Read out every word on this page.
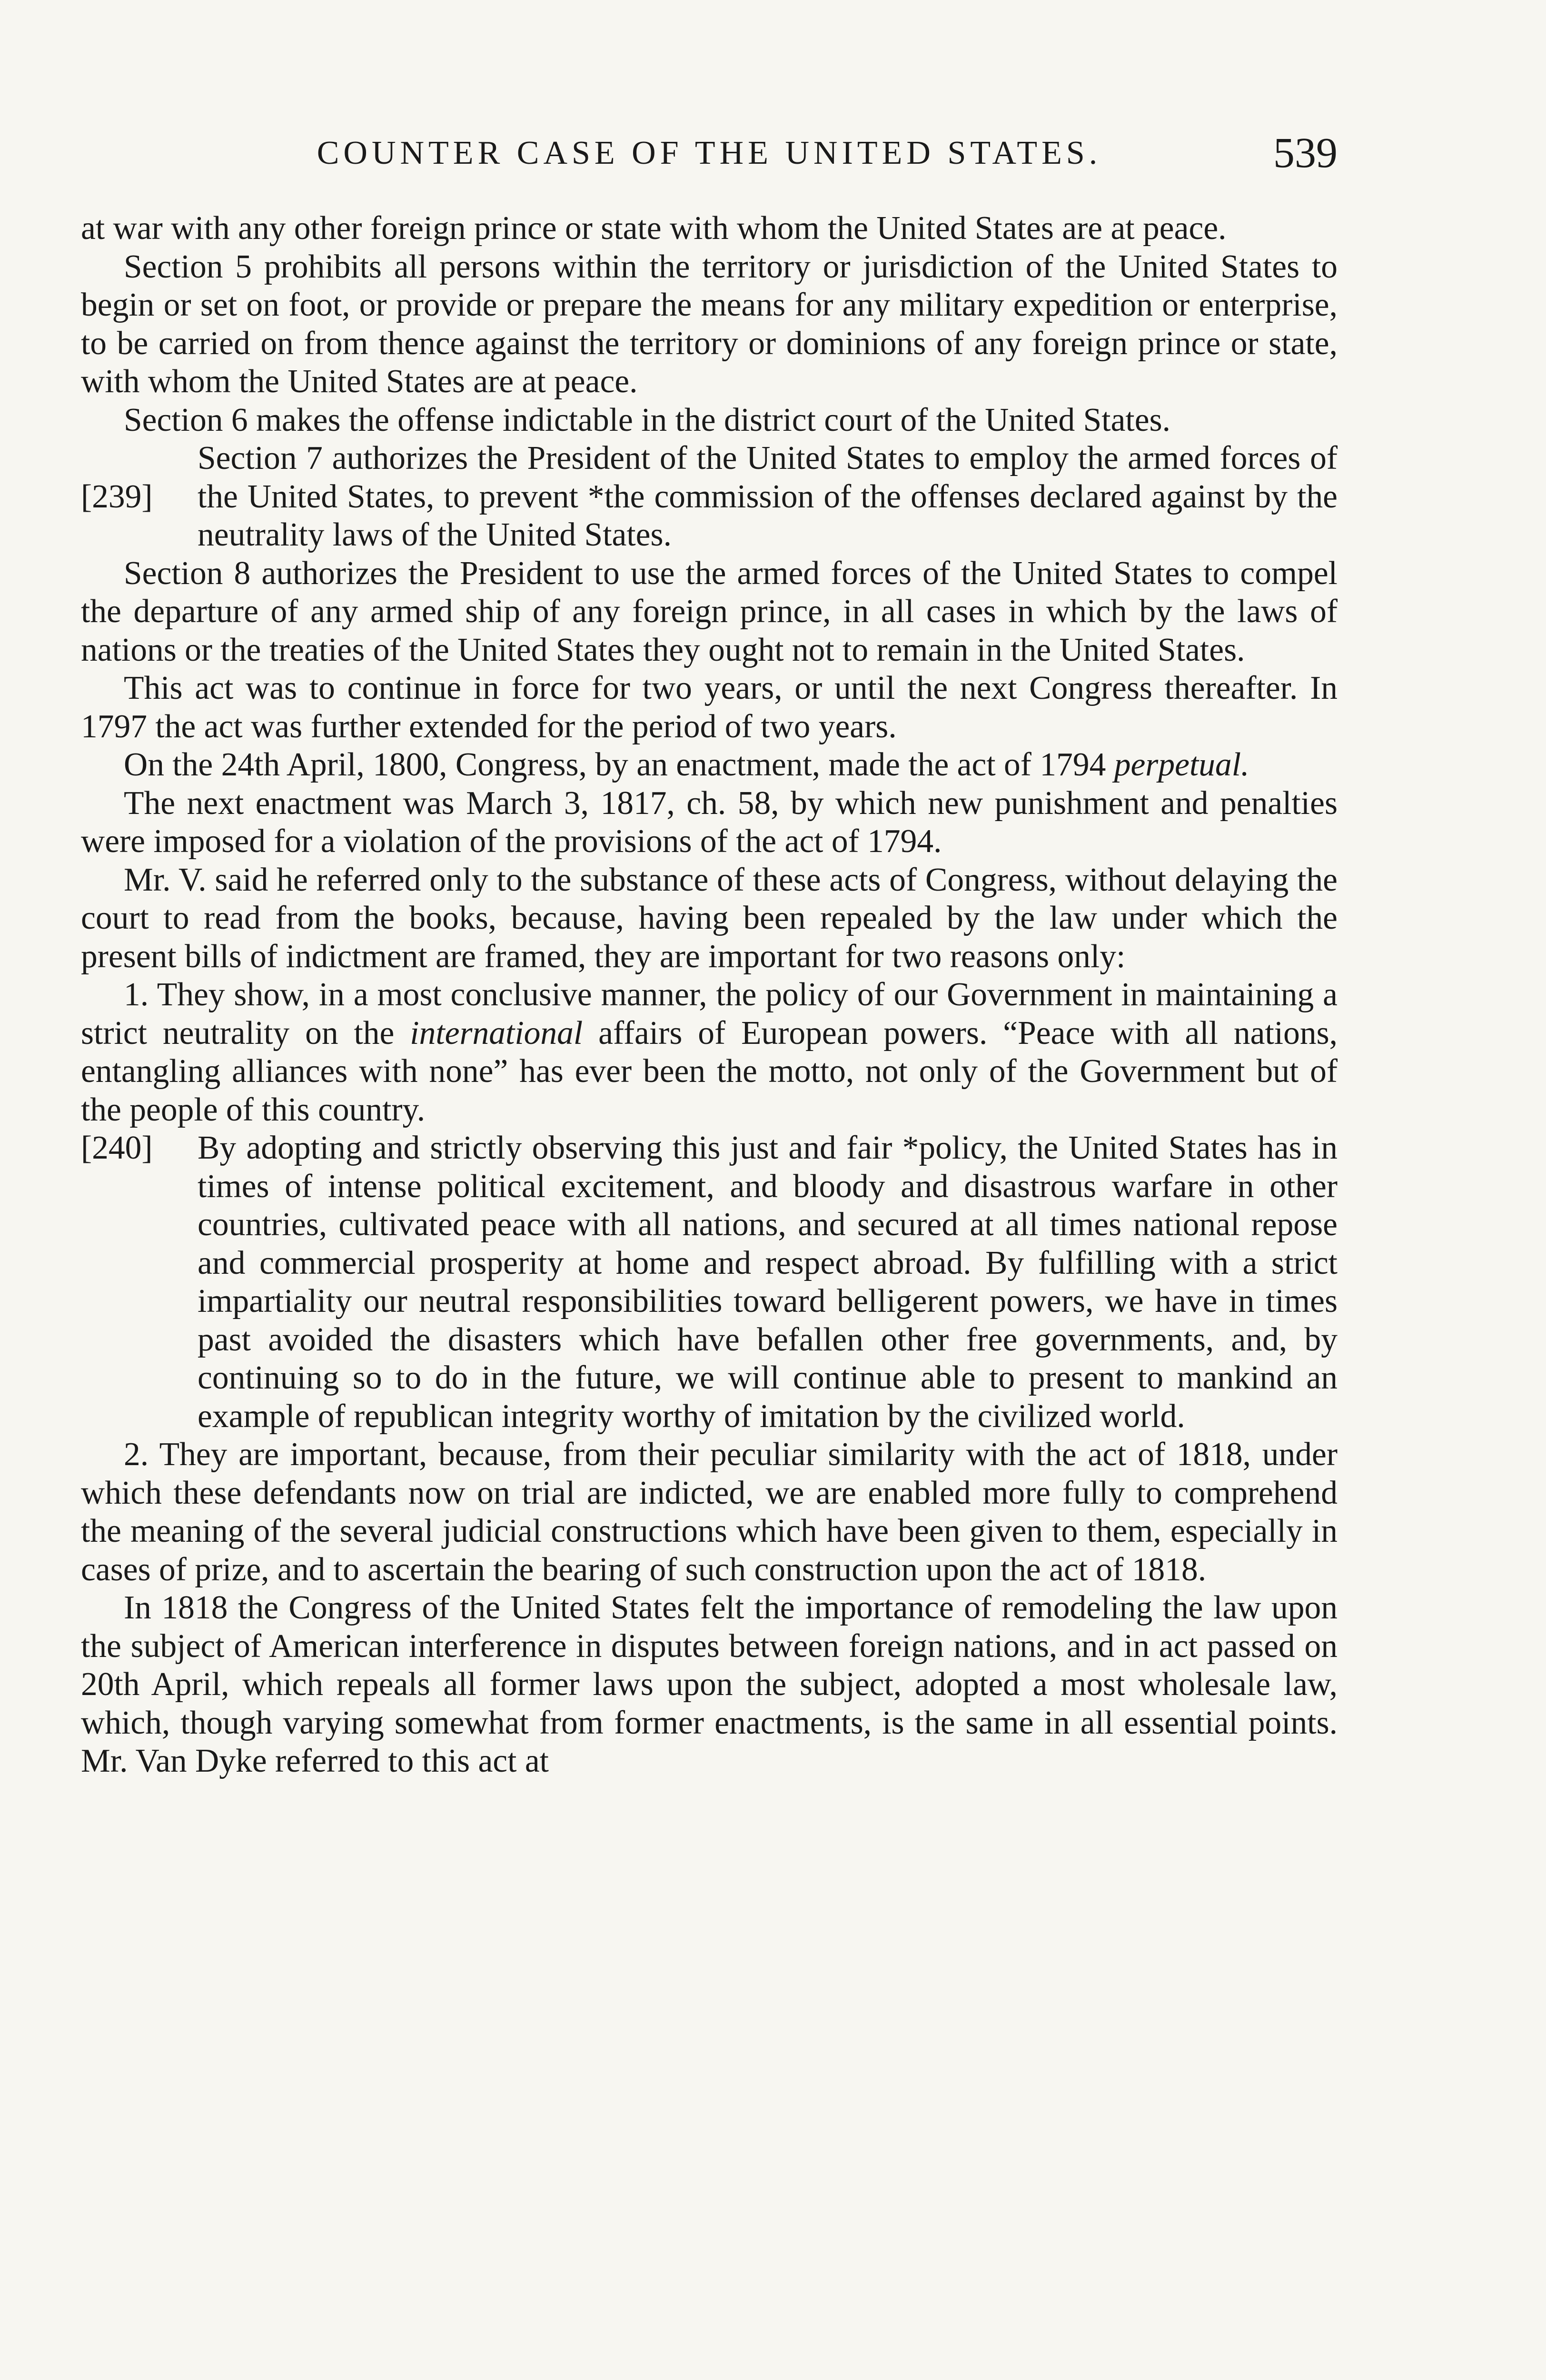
COUNTER CASE OF THE UNITED STATES.	539

at war with any other foreign prince or state with whom the United States are at peace.

Section 5 prohibits all persons within the territory or jurisdiction of the United States to begin or set on foot, or provide or prepare the means for any military expedition or enterprise, to be carried on from thence against the territory or dominions of any foreign prince or state, with whom the United States are at peace.

Section 6 makes the offense indictable in the district court of the United States.

[239]
Section 7 authorizes the President of the United States to employ the armed forces of the United States, to prevent *the commission of the offenses declared against by the neutrality laws of the United States.

Section 8 authorizes the President to use the armed forces of the United States to compel the departure of any armed ship of any foreign prince, in all cases in which by the laws of nations or the treaties of the United States they ought not to remain in the United States.

This act was to continue in force for two years, or until the next Congress thereafter. In 1797 the act was further extended for the period of two years.

On the 24th April, 1800, Congress, by an enactment, made the act of 1794 perpetual.

The next enactment was March 3, 1817, ch. 58, by which new punishment and penalties were imposed for a violation of the provisions of the act of 1794.

Mr. V. said he referred only to the substance of these acts of Congress, without delaying the court to read from the books, because, having been repealed by the law under which the present bills of indictment are framed, they are important for two reasons only:

1. They show, in a most conclusive manner, the policy of our Government in maintaining a strict neutrality on the international affairs of European powers. “Peace with all nations, entangling alliances with none” has ever been the motto, not only of the Government but of the people of this country.

[240] By adopting and strictly observing this just and fair *policy, the United States has in times of intense political excitement, and bloody and disastrous warfare in other countries, cultivated peace with all nations, and secured at all times national repose and commercial prosperity at home and respect abroad. By fulfilling with a strict impartiality our neutral responsibilities toward belligerent powers, we have in times past avoided the disasters which have befallen other free governments, and, by continuing so to do in the future, we will continue able to present to mankind an example of republican integrity worthy of imitation by the civilized world.

2. They are important, because, from their peculiar similarity with the act of 1818, under which these defendants now on trial are indicted, we are enabled more fully to comprehend the meaning of the several judicial constructions which have been given to them, especially in cases of prize, and to ascertain the bearing of such construction upon the act of 1818.

In 1818 the Congress of the United States felt the importance of remodeling the law upon the subject of American interference in disputes between foreign nations, and in act passed on 20th April, which repeals all former laws upon the subject, adopted a most wholesale law, which, though varying somewhat from former enactments, is the same in all essential points. Mr. Van Dyke referred to this act at
